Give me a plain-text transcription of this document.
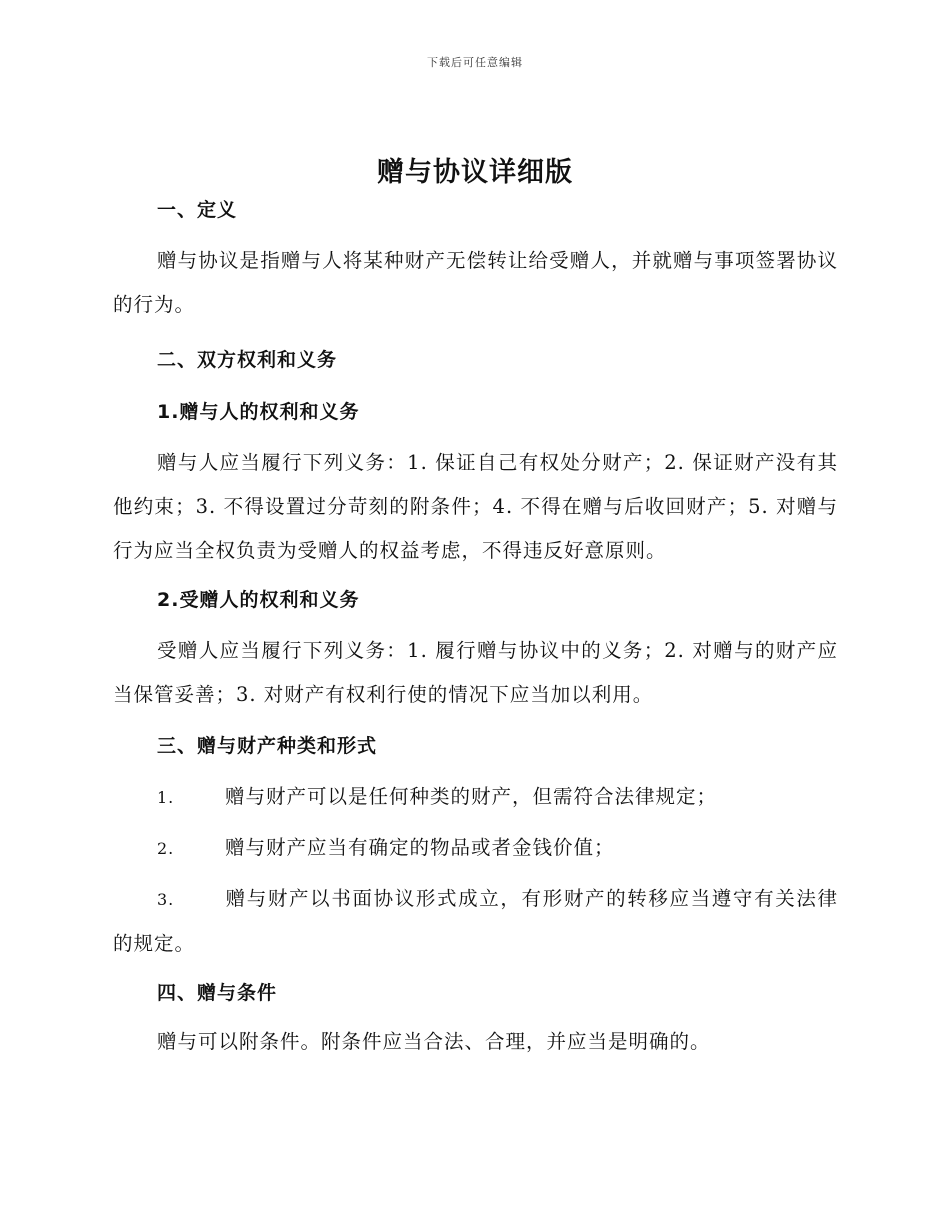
下载后可任意编辑
赠与协议详细版
一、定义

赠与协议是指赠与人将某种财产无偿转让给受赠人，并就赠与事项签署协议的行为。

二、双方权利和义务
1.赠与人的权利和义务

赠与人应当履行下列义务：1. 保证自己有权处分财产；2. 保证财产没有其他约束；3. 不得设置过分苛刻的附条件；4. 不得在赠与后收回财产；5. 对赠与行为应当全权负责为受赠人的权益考虑，不得违反好意原则。

2.受赠人的权利和义务

受赠人应当履行下列义务：1. 履行赠与协议中的义务；2. 对赠与的财产应当保管妥善；3. 对财产有权利行使的情况下应当加以利用。

三、赠与财产种类和形式

1.	赠与财产可以是任何种类的财产，但需符合法律规定；

2.	赠与财产应当有确定的物品或者金钱价值；

3.	赠与财产以书面协议形式成立，有形财产的转移应当遵守有关法律的规定。

四、赠与条件

赠与可以附条件。附条件应当合法、合理，并应当是明确的。
